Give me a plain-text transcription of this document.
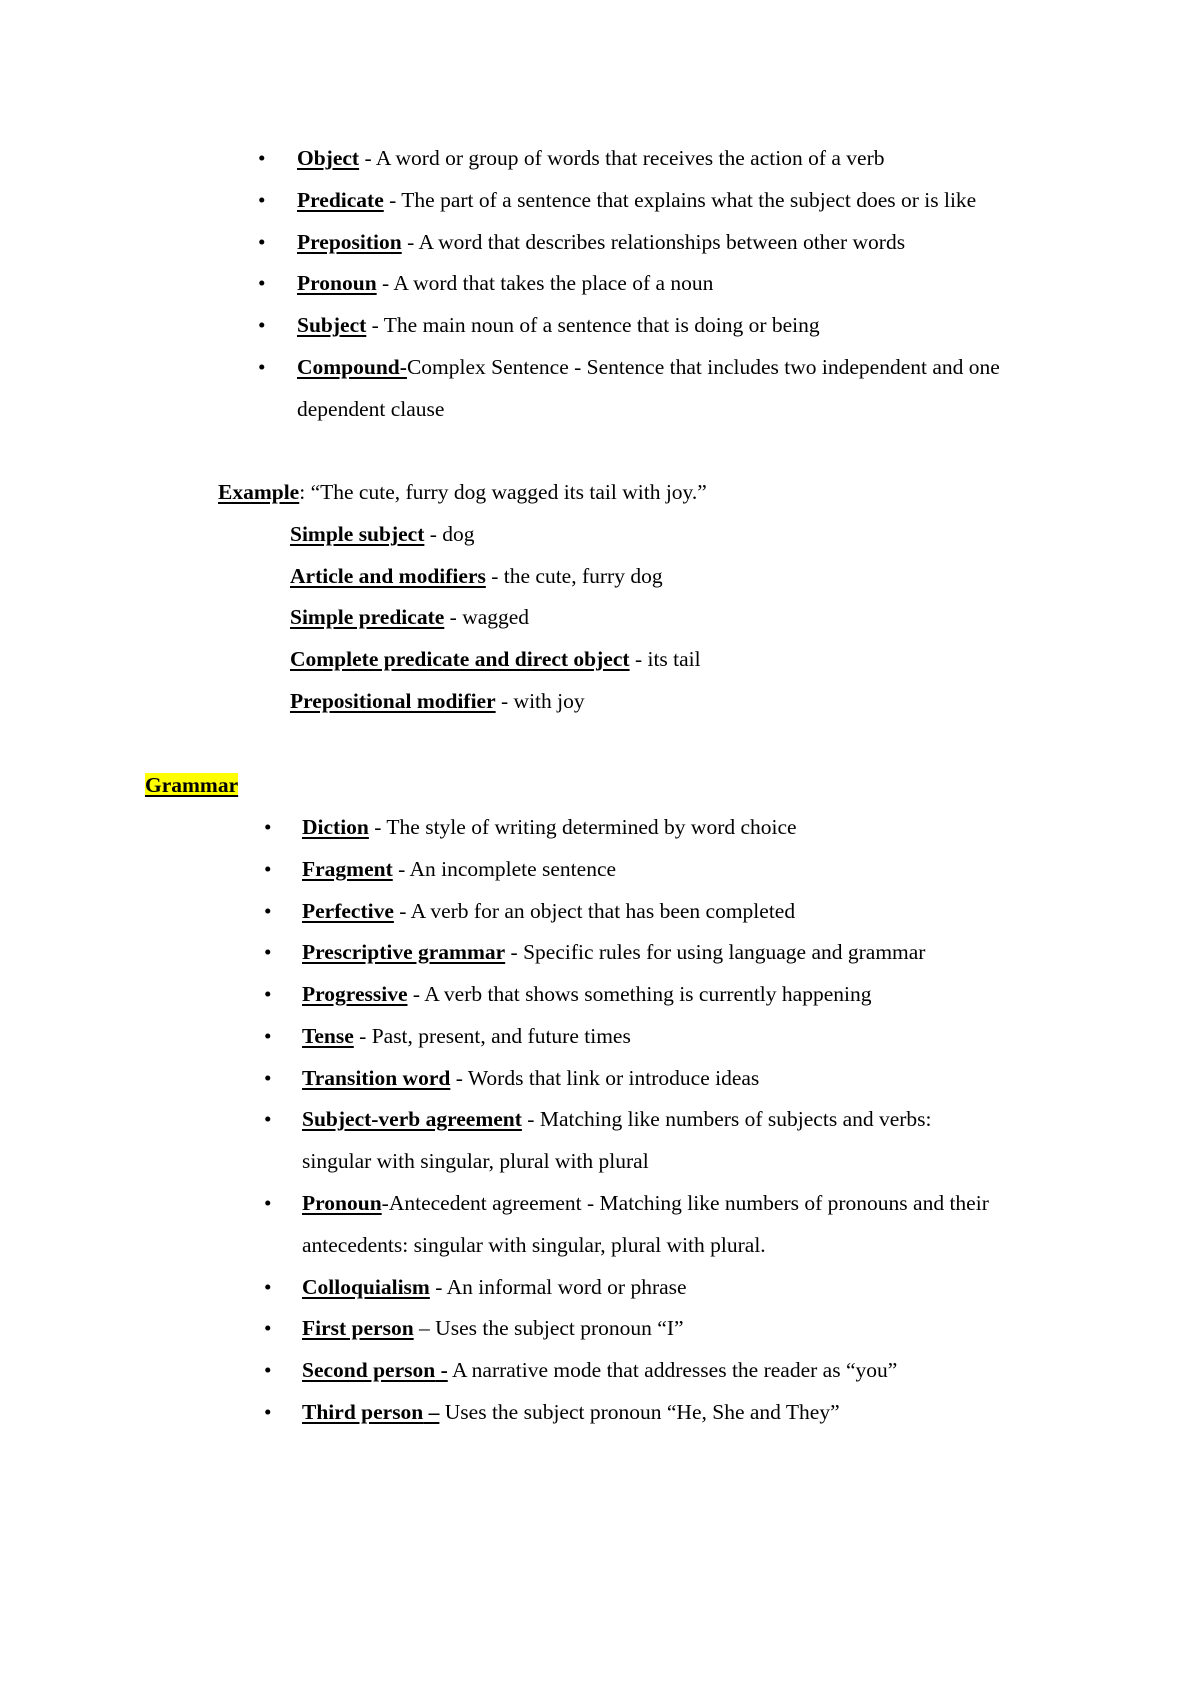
• Object - A word or group of words that receives the action of a verb
• Predicate - The part of a sentence that explains what the subject does or is like
• Preposition - A word that describes relationships between other words
• Pronoun - A word that takes the place of a noun
• Subject - The main noun of a sentence that is doing or being
• Compound-Complex Sentence - Sentence that includes two independent and one
dependent clause
Example: “The cute, furry dog wagged its tail with joy.”
Simple subject - dog
Article and modifiers - the cute, furry dog
Simple predicate - wagged
Complete predicate and direct object - its tail
Prepositional modifier - with joy
Grammar
• Diction - The style of writing determined by word choice
• Fragment - An incomplete sentence
• Perfective - A verb for an object that has been completed
• Prescriptive grammar - Specific rules for using language and grammar
• Progressive - A verb that shows something is currently happening
• Tense - Past, present, and future times
• Transition word - Words that link or introduce ideas
• Subject-verb agreement - Matching like numbers of subjects and verbs:
singular with singular, plural with plural
• Pronoun-Antecedent agreement - Matching like numbers of pronouns and their
antecedents: singular with singular, plural with plural.
• Colloquialism - An informal word or phrase
• First person – Uses the subject pronoun “I”
• Second person - A narrative mode that addresses the reader as “you”
• Third person – Uses the subject pronoun “He, She and They”
